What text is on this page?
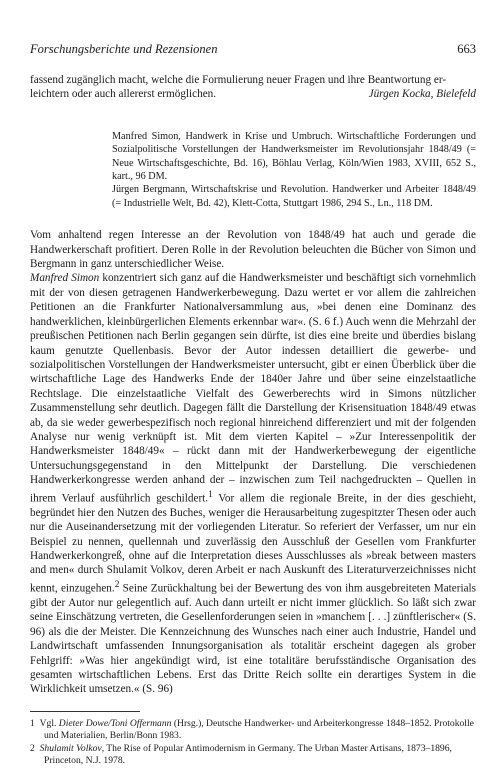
Forschungsberichte und Rezensionen	663

fassend zugänglich macht, welche die Formulierung neuer Fragen und ihre Beantwortung er-

leichtern oder auch allererst ermöglichen.	Jürgen Kocka, Bielefeld

Manfred Simon, Handwerk in Krise und Umbruch. Wirtschaftliche Forderungen und Sozialpolitische Vorstellungen der Handwerksmeister im Revolutionsjahr 1848/49 (= Neue Wirtschaftsgeschichte, Bd. 16), Böhlau Verlag, Köln/Wien 1983, XVIII, 652 S., kart., 96 DM.

Jürgen Bergmann, Wirtschaftskrise und Revolution. Handwerker und Arbeiter 1848/49 (= Industrielle Welt, Bd. 42), Klett-Cotta, Stuttgart 1986, 294 S., Ln., 118 DM.

Vom anhaltend regen Interesse an der Revolution von 1848/49 hat auch und gerade die Handwerkerschaft profitiert. Deren Rolle in der Revolution beleuchten die Bücher von Simon und Bergmann in ganz unterschiedlicher Weise.

Manfred Simon konzentriert sich ganz auf die Handwerksmeister und beschäftigt sich vornehmlich mit der von diesen getragenen Handwerkerbewegung. Dazu wertet er vor allem die zahlreichen Petitionen an die Frankfurter Nationalversammlung aus, »bei denen eine Dominanz des handwerklichen, kleinbürgerlichen Elements erkennbar war«. (S. 6 f.) Auch wenn die Mehrzahl der preußischen Petitionen nach Berlin gegangen sein dürfte, ist dies eine breite und überdies bislang kaum genutzte Quellenbasis. Bevor der Autor indessen detailliert die gewerbe- und sozialpolitischen Vorstellungen der Handwerksmeister untersucht, gibt er einen Überblick über die wirtschaftliche Lage des Handwerks Ende der 1840er Jahre und über seine einzelstaatliche Rechtslage. Die einzelstaatliche Vielfalt des Gewerberechts wird in Simons nützlicher Zusammenstellung sehr deutlich. Dagegen fällt die Darstellung der Krisensituation 1848/49 etwas ab, da sie weder gewerbespezifisch noch regional hinreichend differenziert und mit der folgenden Analyse nur wenig verknüpft ist. Mit dem vierten Kapitel – »Zur Interessenpolitik der Handwerksmeister 1848/49« – rückt dann mit der Handwerkerbewegung der eigentliche Untersuchungsgegenstand in den Mittelpunkt der Darstellung. Die verschiedenen Handwerkerkongresse werden anhand der – inzwischen zum Teil nachgedruckten – Quellen in ihrem Verlauf ausführlich geschildert.$^1$ Vor allem die regionale Breite, in der dies geschieht, begründet hier den Nutzen des Buches, weniger die Herausarbeitung zugespitzter Thesen oder auch nur die Auseinandersetzung mit der vorliegenden Literatur. So referiert der Verfasser, um nur ein Beispiel zu nennen, quellennah und zuverlässig den Ausschluß der Gesellen vom Frankfurter Handwerkerkongreß, ohne auf die Interpretation dieses Ausschlusses als »break between masters and men« durch Shulamit Volkov, deren Arbeit er nach Auskunft des Literaturverzeichnisses nicht kennt, einzugehen.$^2$ Seine Zurückhaltung bei der Bewertung des von ihm ausgebreiteten Materials gibt der Autor nur gelegentlich auf. Auch dann urteilt er nicht immer glücklich. So läßt sich zwar seine Einschätzung vertreten, die Gesellenforderungen seien in »manchem [. . .] zünftlerischer« (S. 96) als die der Meister. Die Kennzeichnung des Wunsches nach einer auch Industrie, Handel und Landwirtschaft umfassenden Innungsorganisation als totalitär erscheint dagegen als grober Fehlgriff: »Was hier angekündigt wird, ist eine totalitäre berufsständische Organisation des gesamten wirtschaftlichen Lebens. Erst das Dritte Reich sollte ein derartiges System in die Wirklichkeit umsetzen.« (S. 96)

1 Vgl. Dieter Dowe/Toni Offermann (Hrsg.), Deutsche Handwerker- und Arbeiterkongresse 1848–1852. Protokolle und Materialien, Berlin/Bonn 1983.

2 Shulamit Volkov, The Rise of Popular Antimodernism in Germany. The Urban Master Artisans, 1873–1896, Princeton, N.J. 1978.
